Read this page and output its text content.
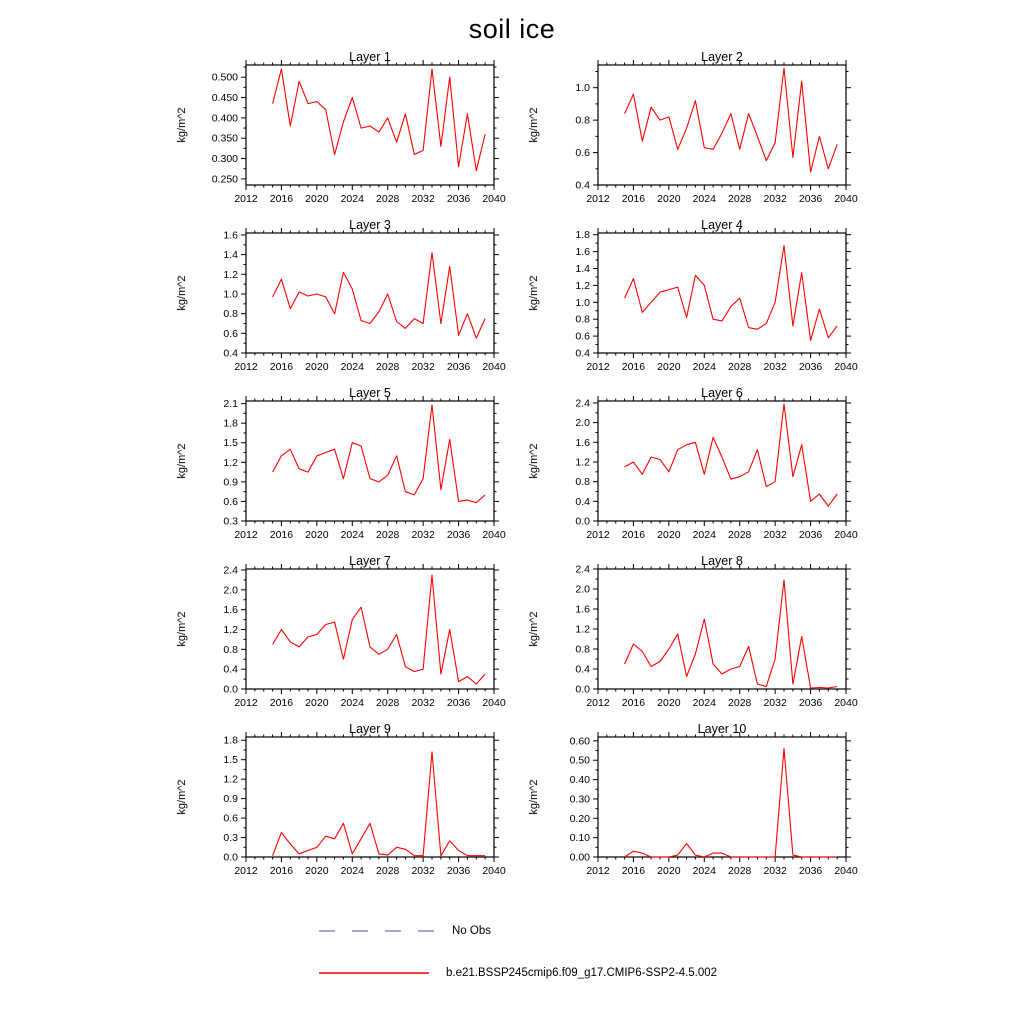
soil ice
Layer 1
2012 2016 2020 2024 2028 2032 2036 2040
0.250
0.300
0.350
0.400
0.450
0.500
kg/m^2
Layer 2
2012 2016 2020 2024 2028 2032 2036 2040
0.4
0.6
0.8
1.0
kg/m^2
Layer 3
2012 2016 2020 2024 2028 2032 2036 2040
0.4
0.6
0.8
1.0
1.2
1.4
1.6
kg/m^2
Layer 4
2012 2016 2020 2024 2028 2032 2036 2040
0.4
0.6
0.8
1.0
1.2
1.4
1.6
1.8
kg/m^2
Layer 5
2012 2016 2020 2024 2028 2032 2036 2040
0.3
0.6
0.9
1.2
1.5
1.8
2.1
kg/m^2
Layer 6
2012 2016 2020 2024 2028 2032 2036 2040
0.0
0.4
0.8
1.2
1.6
2.0
2.4
kg/m^2
Layer 7
2012 2016 2020 2024 2028 2032 2036 2040
0.0
0.4
0.8
1.2
1.6
2.0
2.4
kg/m^2
Layer 8
2012 2016 2020 2024 2028 2032 2036 2040
0.0
0.4
0.8
1.2
1.6
2.0
2.4
kg/m^2
Layer 9
2012 2016 2020 2024 2028 2032 2036 2040
0.0
0.3
0.6
0.9
1.2
1.5
1.8
kg/m^2
Layer 10
2012 2016 2020 2024 2028 2032 2036 2040
0.00
0.10
0.20
0.30
0.40
0.50
0.60
kg/m^2
No Obs
b.e21.BSSP245cmip6.f09_g17.CMIP6-SSP2-4.5.002
